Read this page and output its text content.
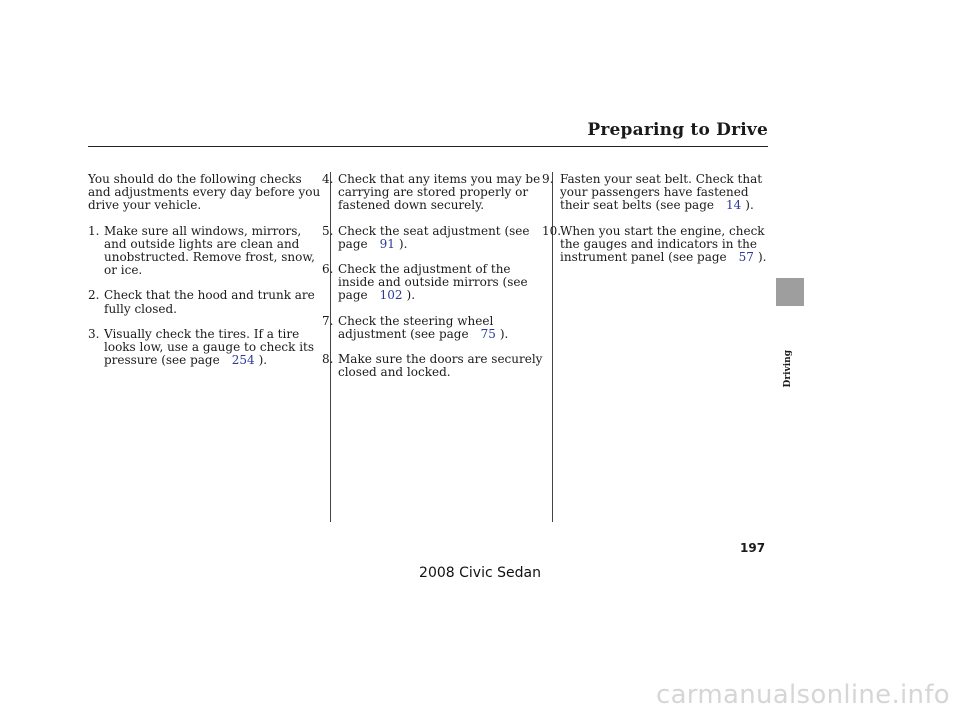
Preparing to Drive

You should do the following checks and adjustments every day before you drive your vehicle.

1. Make sure all windows, mirrors, and outside lights are clean and unobstructed. Remove frost, snow, or ice.
2. Check that the hood and trunk are fully closed.
3. Visually check the tires. If a tire looks low, use a gauge to check its pressure (see page 254 ).
4. Check that any items you may be carrying are stored properly or fastened down securely.
5. Check the seat adjustment (see page 91 ).
6. Check the adjustment of the inside and outside mirrors (see page 102 ).
7. Check the steering wheel adjustment (see page 75 ).
8. Make sure the doors are securely closed and locked.
9. Fasten your seat belt. Check that your passengers have fastened their seat belts (see page 14 ).
10.
When you start the engine, check the gauges and indicators in the instrument panel (see page 57 ).
Driving
197
2008 Civic Sedan
carmanualsonline.info
